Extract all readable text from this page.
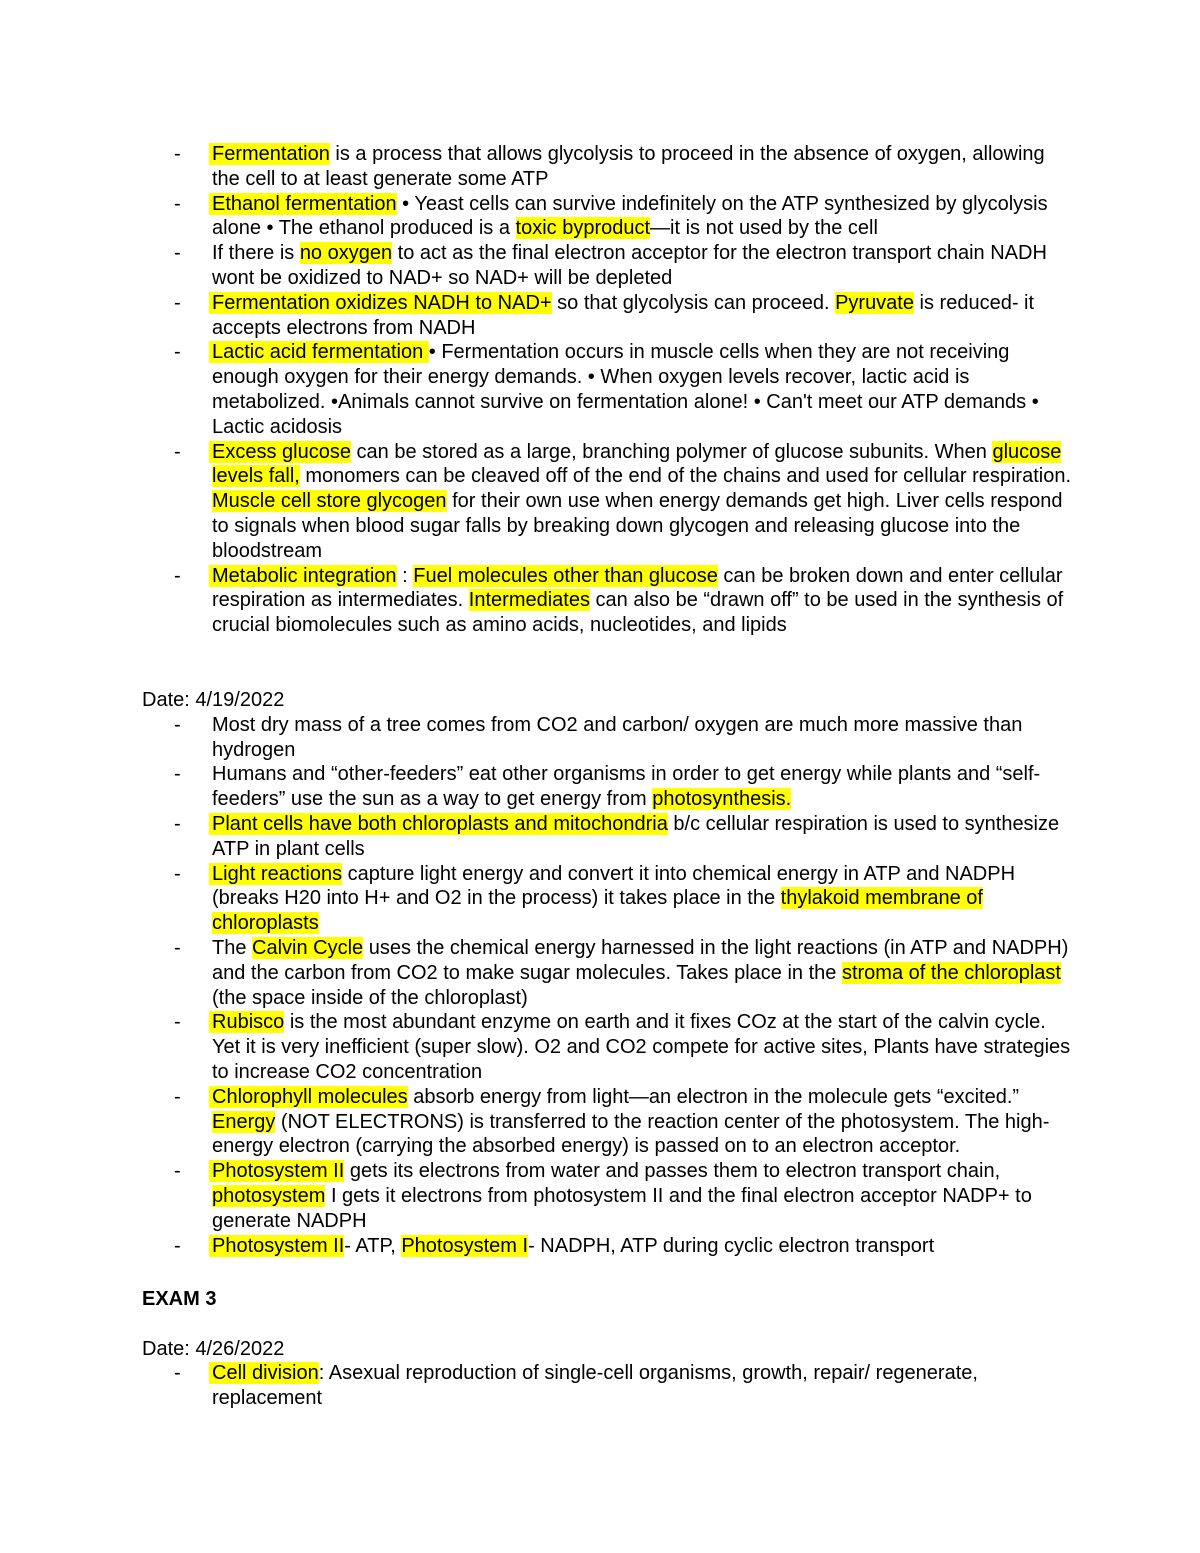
- Fermentation is a process that allows glycolysis to proceed in the absence of oxygen, allowing the cell to at least generate some ATP
- Ethanol fermentation • Yeast cells can survive indefinitely on the ATP synthesized by glycolysis alone • The ethanol produced is a toxic byproduct—it is not used by the cell
- If there is no oxygen to act as the final electron acceptor for the electron transport chain NADH wont be oxidized to NAD+ so NAD+ will be depleted
- Fermentation oxidizes NADH to NAD+ so that glycolysis can proceed. Pyruvate is reduced- it accepts electrons from NADH
- Lactic acid fermentation • Fermentation occurs in muscle cells when they are not receiving enough oxygen for their energy demands. • When oxygen levels recover, lactic acid is metabolized. •Animals cannot survive on fermentation alone! • Can't meet our ATP demands • Lactic acidosis
- Excess glucose can be stored as a large, branching polymer of glucose subunits. When glucose levels fall, monomers can be cleaved off of the end of the chains and used for cellular respiration. Muscle cell store glycogen for their own use when energy demands get high. Liver cells respond to signals when blood sugar falls by breaking down glycogen and releasing glucose into the bloodstream
- Metabolic integration : Fuel molecules other than glucose can be broken down and enter cellular respiration as intermediates. Intermediates can also be “drawn off” to be used in the synthesis of crucial biomolecules such as amino acids, nucleotides, and lipids

Date: 4/19/2022

- Most dry mass of a tree comes from CO2 and carbon/ oxygen are much more massive than hydrogen
- Humans and “other-feeders” eat other organisms in order to get energy while plants and “self-feeders” use the sun as a way to get energy from photosynthesis.
- Plant cells have both chloroplasts and mitochondria b/c cellular respiration is used to synthesize ATP in plant cells
- Light reactions capture light energy and convert it into chemical energy in ATP and NADPH (breaks H20 into H+ and O2 in the process) it takes place in the thylakoid membrane of chloroplasts
- The Calvin Cycle uses the chemical energy harnessed in the light reactions (in ATP and NADPH) and the carbon from CO2 to make sugar molecules. Takes place in the stroma of the chloroplast (the space inside of the chloroplast)
- Rubisco is the most abundant enzyme on earth and it fixes COz at the start of the calvin cycle. Yet it is very inefficient (super slow). O2 and CO2 compete for active sites, Plants have strategies to increase CO2 concentration
- Chlorophyll molecules absorb energy from light—an electron in the molecule gets “excited.” Energy (NOT ELECTRONS) is transferred to the reaction center of the photosystem. The high-energy electron (carrying the absorbed energy) is passed on to an electron acceptor.
- Photosystem II gets its electrons from water and passes them to electron transport chain, photosystem I gets it electrons from photosystem II and the final electron acceptor NADP+ to generate NADPH
- Photosystem II- ATP, Photosystem I- NADPH, ATP during cyclic electron transport

EXAM 3

Date: 4/26/2022

- Cell division: Asexual reproduction of single-cell organisms, growth, repair/ regenerate, replacement
